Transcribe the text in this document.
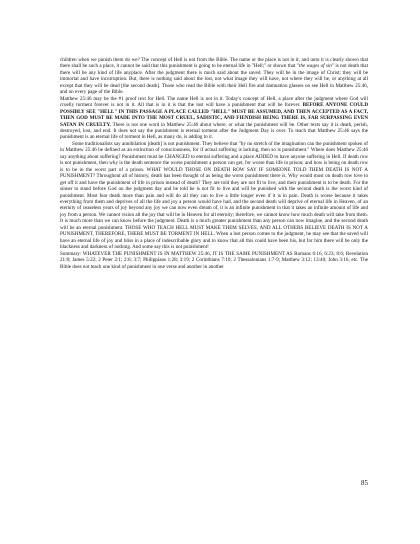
children when we punish them do we? The concept of Hell is not from the Bible. The name or the place is not in it, and unto it is clearly shown that there shall be such a place, it cannot be said that this punishment is going to be eternal life in "Hell;" or shown that "the wages of sin" is not death that there will be any kind of life anyplace. After the judgment there is much said about the saved. They will be in the image of Christ; they will be immortal and have incorruption. But, there is nothing said about the lost, not what image they will have, not where they will be, or anything at all except that they will be dead [the second death]. Those who read the Bible with their Hell fire and damnation glasses on see Hell in Matthew 25:46, and on every page of the Bible.

Matthew 25:46 may be the #1 proof text for Hell. The name Hell is not in it. Today's concept of Hell, a place after the judgment where God will cruelly torment forever is not in it. All that is in it is that the lost will have a punishment that will be forever. BEFORE ANYONE COULD POSSIBLY SEE "HELL" IN THIS PASSAGE A PLACE CALLED "HELL" MUST BE ASSUMED, AND THEN ACCEPTED AS A FACT, THEN GOD MUST BE MADE INTO THE MOST CRUEL, SADISTIC, AND FIENDISH BEING THERE IS, FAR SURPASSING EVEN SATAN IN CRUELTY. There is not one word in Matthew 25:46 about where, or what the punishment will be. Other texts say it is death, perish, destroyed, lost, and end. It does not say the punishment is eternal torment after the Judgment Day is over. To teach that Matthew 25:46 says the punishment is an eternal life of torment in Hell, as many do, is adding to it.

Some traditionalists say annihilation [death] is not punishment. They believe that "by no stretch of the imagination can the punishment spoken of in Matthew 25:46 be defined as an extinction of consciousness, for if actual suffering is lacking, then so is punishment." Where does Matthew 25:46 say anything about suffering? Punishment must be CHANGED to eternal suffering and a place ADDED to have anyone suffering in Hell. If death row is not punishment, then why is the death sentence the worse punishment a person can get, for worse than life in prison; and how is being on death row is to be in the worst part of a prison. WHAT WOULD THOSE ON DEATH ROW SAY IF SOMEONE TOLD THEM DEATH IS NOT A PUNISHMENT? Throughout all of history, death has been thought of as being the worst punishment there is. Why would most on death row love to get off it and have the punishment of life in prison instead of death? They are told they are not fit to live, and their punishment is to be death. For the sinner to stand before God on the judgment day and be told he is not fit to live and will be punished with the second death is the worst kind of punishment. Most fear death more than pain and will do all they can to live a little longer even if it is in pain. Death is worse because it takes everything from them and deprives of all the life and joy a person would have had, and the second death will deprive of eternal life in Heaven, of an eternity of ceaseless years of joy beyond any joy we can now even dream of, it is an infinite punishment in that it takes an infinite amount of life and joy from a person. We cannot vision all the joy that will be in Heaven for all eternity; therefore, we cannot know how much death will take from them. It is much more than we can know before the judgment. Death is a much greater punishment than any person can now imagine, and the second death will be an eternal punishment. THOSE WHO TEACH HELL MUST MAKE THEM SELVES, AND ALL OTHERS BELIEVE DEATH IS NOT A PUNISHMENT, THEREFORE, THERE MUST BE TORMENT IN HELL. When a lost person comes to the judgment, he may see that the saved will have an eternal life of joy and bliss in a place of indescribable glory and to know that all this could have been his, but for him there will be only the blackness and darkness of nothing. And some say this is not punishment!

Summary: WHATEVER THE PUNISHMENT IS IN MATTHEW 25:46, IT IS THE SAME PUNISHMENT AS Romans 6:16, 6:23; 8:6; Revelation 21:8; James 5:22; 2 Peter 2:1; 2:6; 3:7; Philippians 1:28; 3:19; 2 Corinthians 7:10; 2 Thessalonians 1:7-9; Matthew 3:12; 13:40; John 3:16, etc. The Bible does not teach one kind of punishment in one verse and another in another

85
